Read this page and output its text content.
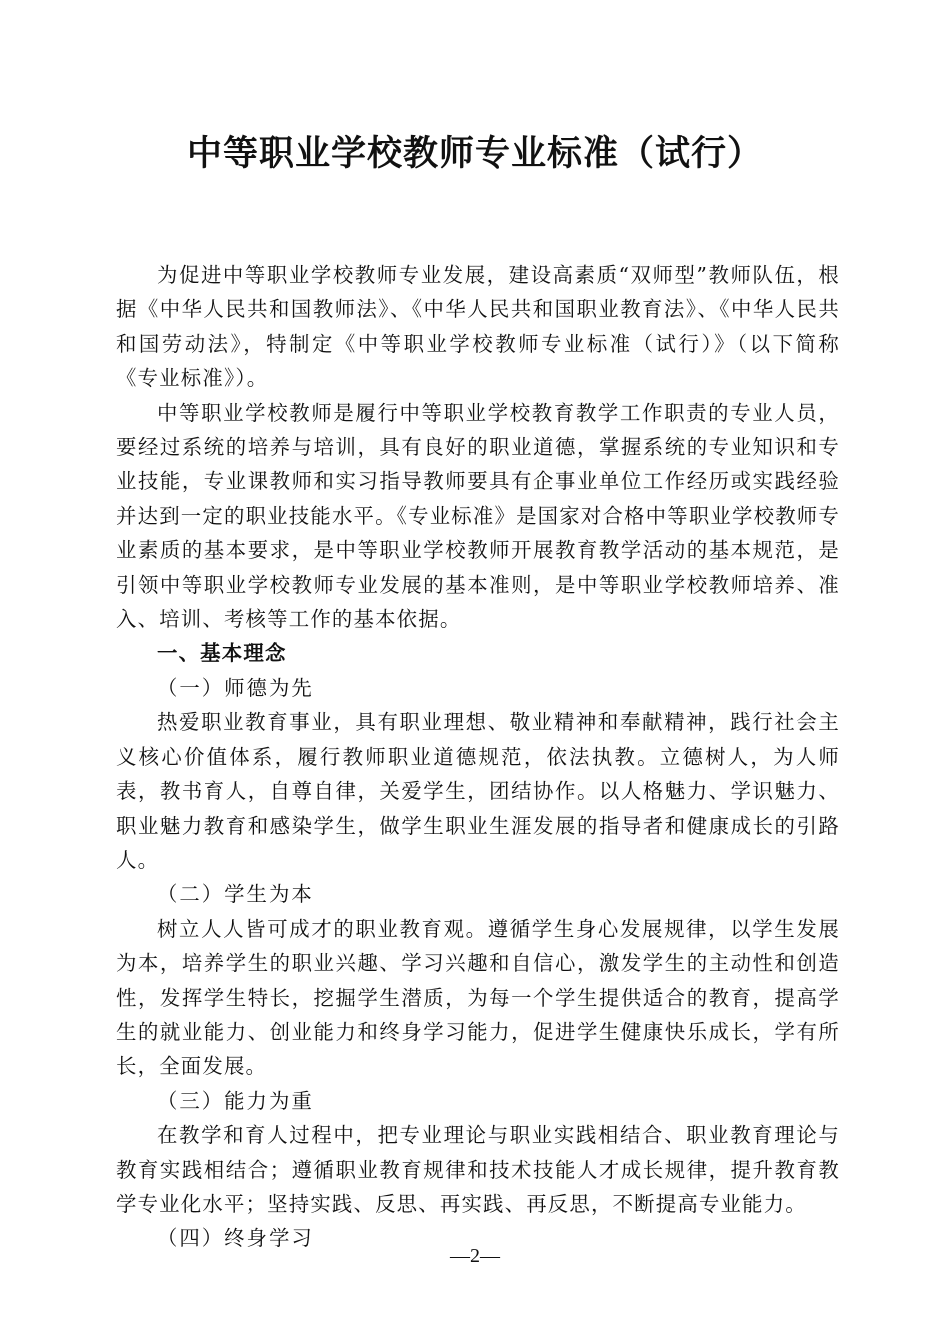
中等职业学校教师专业标准（试行）

为促进中等职业学校教师专业发展，建设高素质“双师型”教师队伍，根据《中华人民共和国教师法》、《中华人民共和国职业教育法》、《中华人民共和国劳动法》，特制定《中等职业学校教师专业标准（试行）》（以下简称《专业标准》）。

中等职业学校教师是履行中等职业学校教育教学工作职责的专业人员，要经过系统的培养与培训，具有良好的职业道德，掌握系统的专业知识和专业技能，专业课教师和实习指导教师要具有企事业单位工作经历或实践经验并达到一定的职业技能水平。《专业标准》是国家对合格中等职业学校教师专业素质的基本要求，是中等职业学校教师开展教育教学活动的基本规范，是引领中等职业学校教师专业发展的基本准则，是中等职业学校教师培养、准入、培训、考核等工作的基本依据。

一、基本理念

（一）师德为先

热爱职业教育事业，具有职业理想、敬业精神和奉献精神，践行社会主义核心价值体系，履行教师职业道德规范，依法执教。立德树人，为人师表，教书育人，自尊自律，关爱学生，团结协作。以人格魅力、学识魅力、职业魅力教育和感染学生，做学生职业生涯发展的指导者和健康成长的引路人。

（二）学生为本

树立人人皆可成才的职业教育观。遵循学生身心发展规律，以学生发展为本，培养学生的职业兴趣、学习兴趣和自信心，激发学生的主动性和创造性，发挥学生特长，挖掘学生潜质，为每一个学生提供适合的教育，提高学生的就业能力、创业能力和终身学习能力，促进学生健康快乐成长，学有所长，全面发展。

（三）能力为重

在教学和育人过程中，把专业理论与职业实践相结合、职业教育理论与教育实践相结合；遵循职业教育规律和技术技能人才成长规律，提升教育教学专业化水平；坚持实践、反思、再实践、再反思，不断提高专业能力。

（四）终身学习

—2—
